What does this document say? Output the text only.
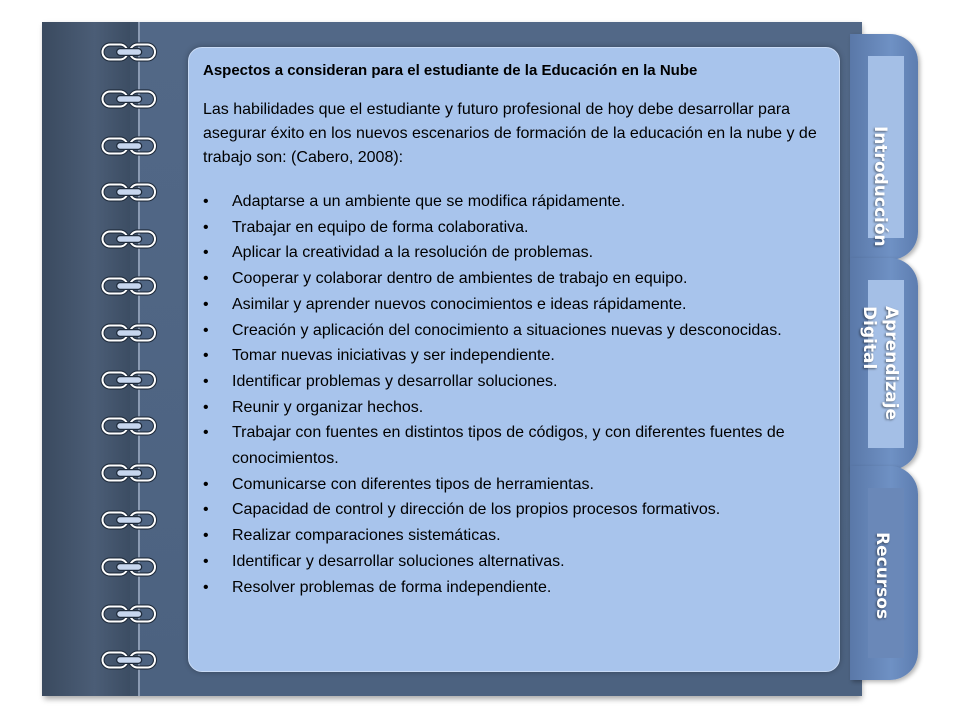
Introducción
Aprendizaje Digital
Recursos
Aspectos a consideran para el estudiante de la Educación en la Nube
Las habilidades que el estudiante y futuro profesional de hoy debe desarrollar para asegurar éxito en los nuevos escenarios de formación de la educación en la nube y de trabajo son: (Cabero, 2008):
• Adaptarse a un ambiente que se modifica rápidamente.
• Trabajar en equipo de forma colaborativa.
• Aplicar la creatividad a la resolución de problemas.
• Cooperar y colaborar dentro de ambientes de trabajo en equipo.
• Asimilar y aprender nuevos conocimientos e ideas rápidamente.
• Creación y aplicación del conocimiento a situaciones nuevas y desconocidas.
• Tomar nuevas iniciativas y ser independiente.
• Identificar problemas y desarrollar soluciones.
• Reunir y organizar hechos.
• Trabajar con fuentes en distintos tipos de códigos, y con diferentes fuentes de conocimientos.
• Comunicarse con diferentes tipos de herramientas.
• Capacidad de control y dirección de los propios procesos formativos.
• Realizar comparaciones sistemáticas.
• Identificar y desarrollar soluciones alternativas.
• Resolver problemas de forma independiente.
